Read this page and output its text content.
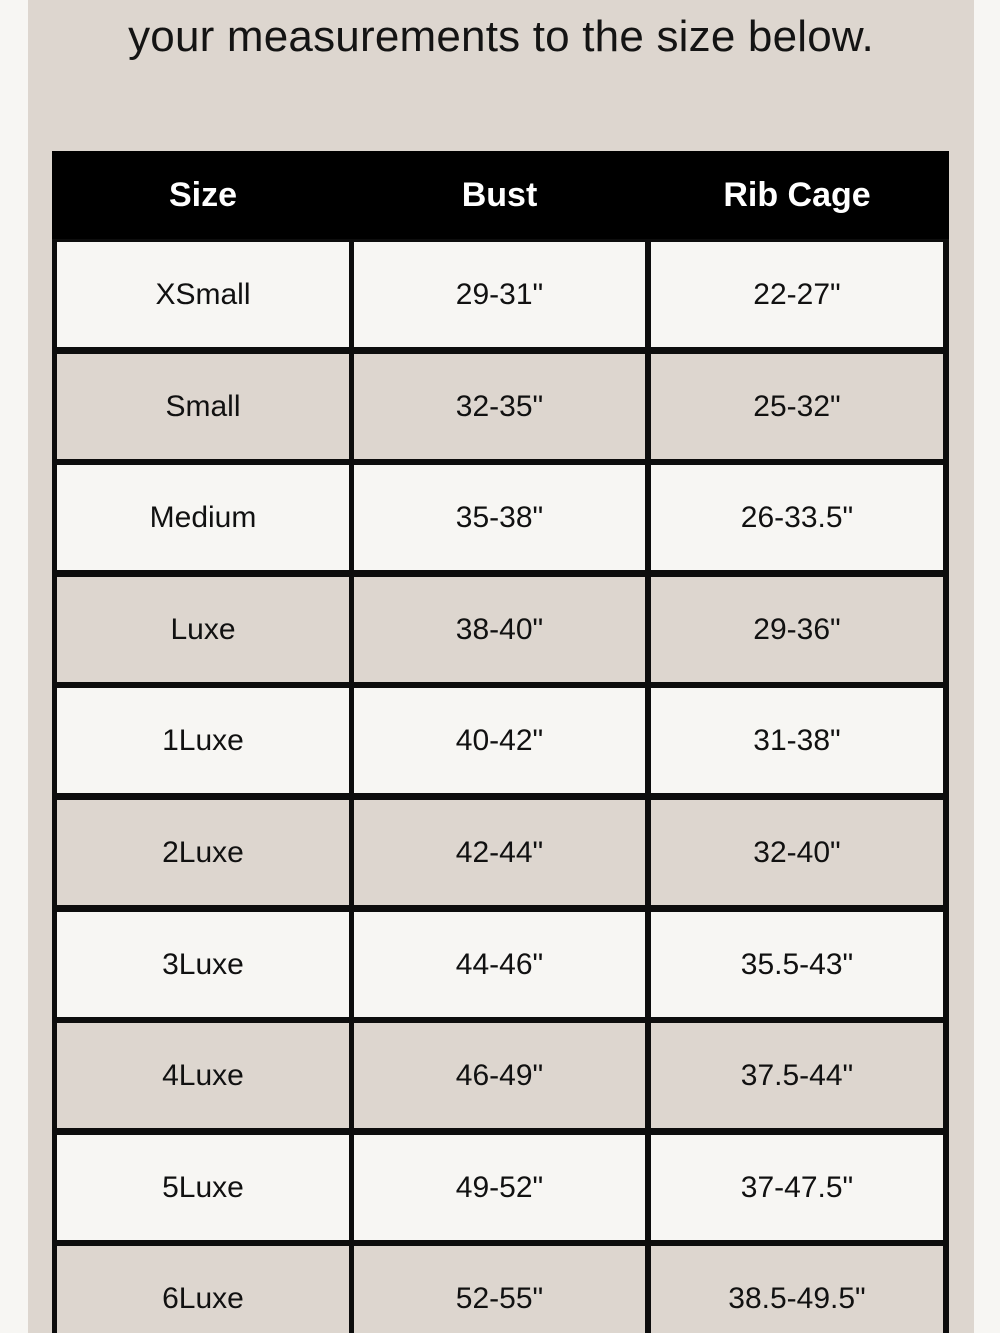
your measurements to the size below.
Size	Bust	Rib Cage
XSmall	29-31"	22-27"
Small	32-35"	25-32"
Medium	35-38"	26-33.5"
Luxe	38-40"	29-36"
1Luxe	40-42"	31-38"
2Luxe	42-44"	32-40"
3Luxe	44-46"	35.5-43"
4Luxe	46-49"	37.5-44"
5Luxe	49-52"	37-47.5"
6Luxe	52-55"	38.5-49.5"
